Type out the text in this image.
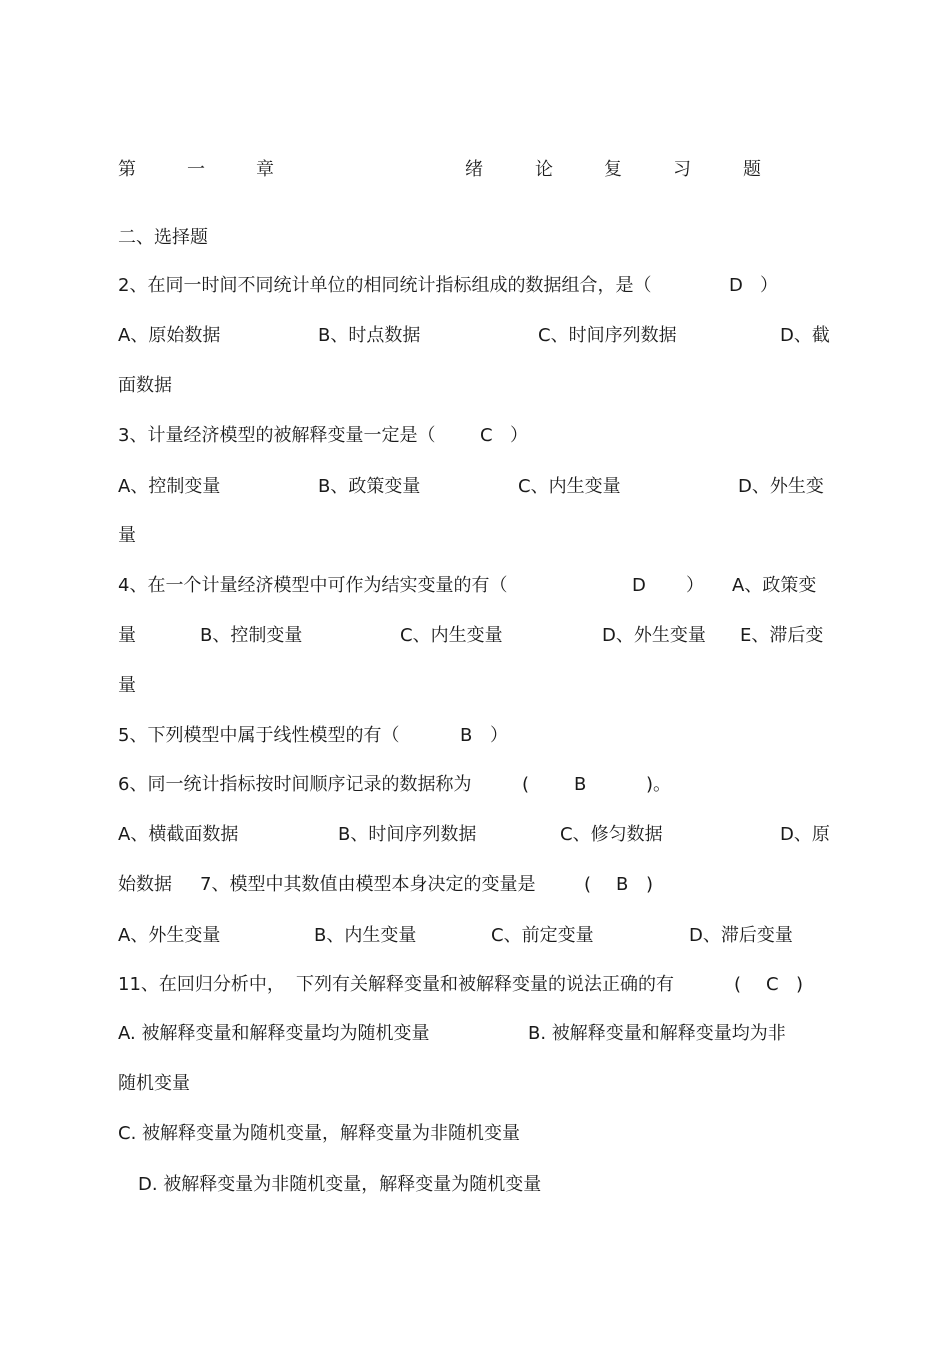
第	一	章	绪	论	复	习	题
二、选择题
2、在同一时间不同统计单位的相同统计指标组成的数据组合，是（	D ）
A、原始数据	B、时点数据	C、时间序列数据	D、截
面数据
3、计量经济模型的被解释变量一定是（ C ）
A、控制变量	B、政策变量	C、内生变量	D、外生变
量
4、在一个计量经济模型中可作为结实变量的有（	D ） A、政策变
量	B、控制变量	C、内生变量	D、外生变量 E、滞后变
量
5、下列模型中属于线性模型的有（	B ）
6、同一统计指标按时间顺序记录的数据称为	( B	)。
A、横截面数据	B、时间序列数据	C、修匀数据	D、原
始数据 7、模型中其数值由模型本身决定的变量是	( B )
A、外生变量	B、内生变量	C、前定变量	D、滞后变量
11、在回归分析中， 下列有关解释变量和被解释变量的说法正确的有	( C )
A. 被解释变量和解释变量均为随机变量	B. 被解释变量和解释变量均为非
随机变量
C. 被解释变量为随机变量，解释变量为非随机变量
D. 被解释变量为非随机变量，解释变量为随机变量
